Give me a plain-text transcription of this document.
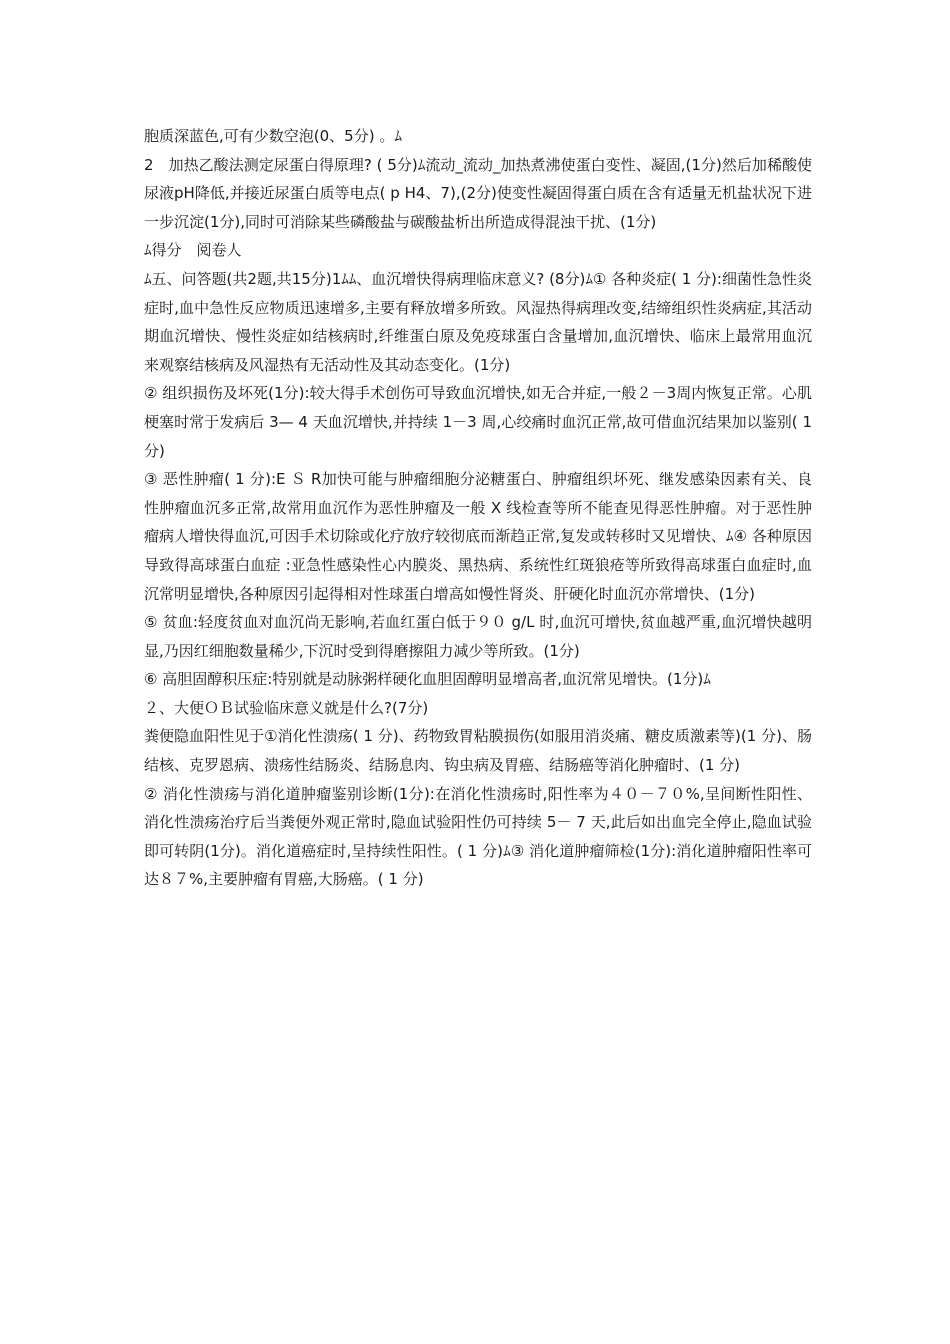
胞质深蓝色,可有少数空泡(0、5分) 。ﾑ

2　加热乙酸法测定尿蛋白得原理? ( 5分)ﾑ流动_流动_加热煮沸使蛋白变性、凝固,(1分)然后加稀酸使尿液pH降低,并接近尿蛋白质等电点( p H4、7),(2分)使变性凝固得蛋白质在含有适量无机盐状况下进一步沉淀(1分),同时可消除某些磷酸盐与碳酸盐析出所造成得混浊干扰、(1分)

ﾑ得分　阅卷人

ﾑ五、问答题(共2题,共15分)1ﾑﾑ、血沉增快得病理临床意义? (8分)ﾑ① 各种炎症( 1 分):细菌性急性炎症时,血中急性反应物质迅速增多,主要有释放增多所致。风湿热得病理改变,结缔组织性炎病症,其活动期血沉增快、慢性炎症如结核病时,纤维蛋白原及免疫球蛋白含量增加,血沉增快、临床上最常用血沉来观察结核病及风湿热有无活动性及其动态变化。(1分)

② 组织损伤及坏死(1分):较大得手术创伤可导致血沉增快,如无合并症,一般２－3周内恢复正常。心肌梗塞时常于发病后 3— 4 天血沉增快,并持续 1－3 周,心绞痛时血沉正常,故可借血沉结果加以鉴别( 1 分)

③ 恶性肿瘤( 1 分):E Ｓ R加快可能与肿瘤细胞分泌糖蛋白、肿瘤组织坏死、继发感染因素有关、良性肿瘤血沉多正常,故常用血沉作为恶性肿瘤及一般 X 线检查等所不能查见得恶性肿瘤。对于恶性肿瘤病人增快得血沉,可因手术切除或化疗放疗较彻底而渐趋正常,复发或转移时又见增快、ﾑ④ 各种原因导致得高球蛋白血症 :亚急性感染性心内膜炎、黑热病、系统性红斑狼疮等所致得高球蛋白血症时,血沉常明显增快,各种原因引起得相对性球蛋白增高如慢性肾炎、肝硬化时血沉亦常增快、(1分)

⑤ 贫血:轻度贫血对血沉尚无影响,若血红蛋白低于９０ g/L 时,血沉可增快,贫血越严重,血沉增快越明显,乃因红细胞数量稀少,下沉时受到得磨擦阻力减少等所致。(1分)

⑥ 高胆固醇积压症:特别就是动脉粥样硬化血胆固醇明显增高者,血沉常见增快。(1分)ﾑ

２、大便ＯＢ试验临床意义就是什么?(7分)

粪便隐血阳性见于①消化性溃疡( 1 分)、药物致胃粘膜损伤(如服用消炎痛、糖皮质激素等)(1 分)、肠结核、克罗恩病、溃疡性结肠炎、结肠息肉、钩虫病及胃癌、结肠癌等消化肿瘤时、(1 分)

② 消化性溃疡与消化道肿瘤鉴别诊断(1分):在消化性溃疡时,阳性率为４０－７０%,呈间断性阳性、消化性溃疡治疗后当粪便外观正常时,隐血试验阳性仍可持续 5－ 7 天,此后如出血完全停止,隐血试验即可转阴(1分)。消化道癌症时,呈持续性阳性。( 1 分)ﾑ③ 消化道肿瘤筛检(1分):消化道肿瘤阳性率可达８７%,主要肿瘤有胃癌,大肠癌。( 1 分)
